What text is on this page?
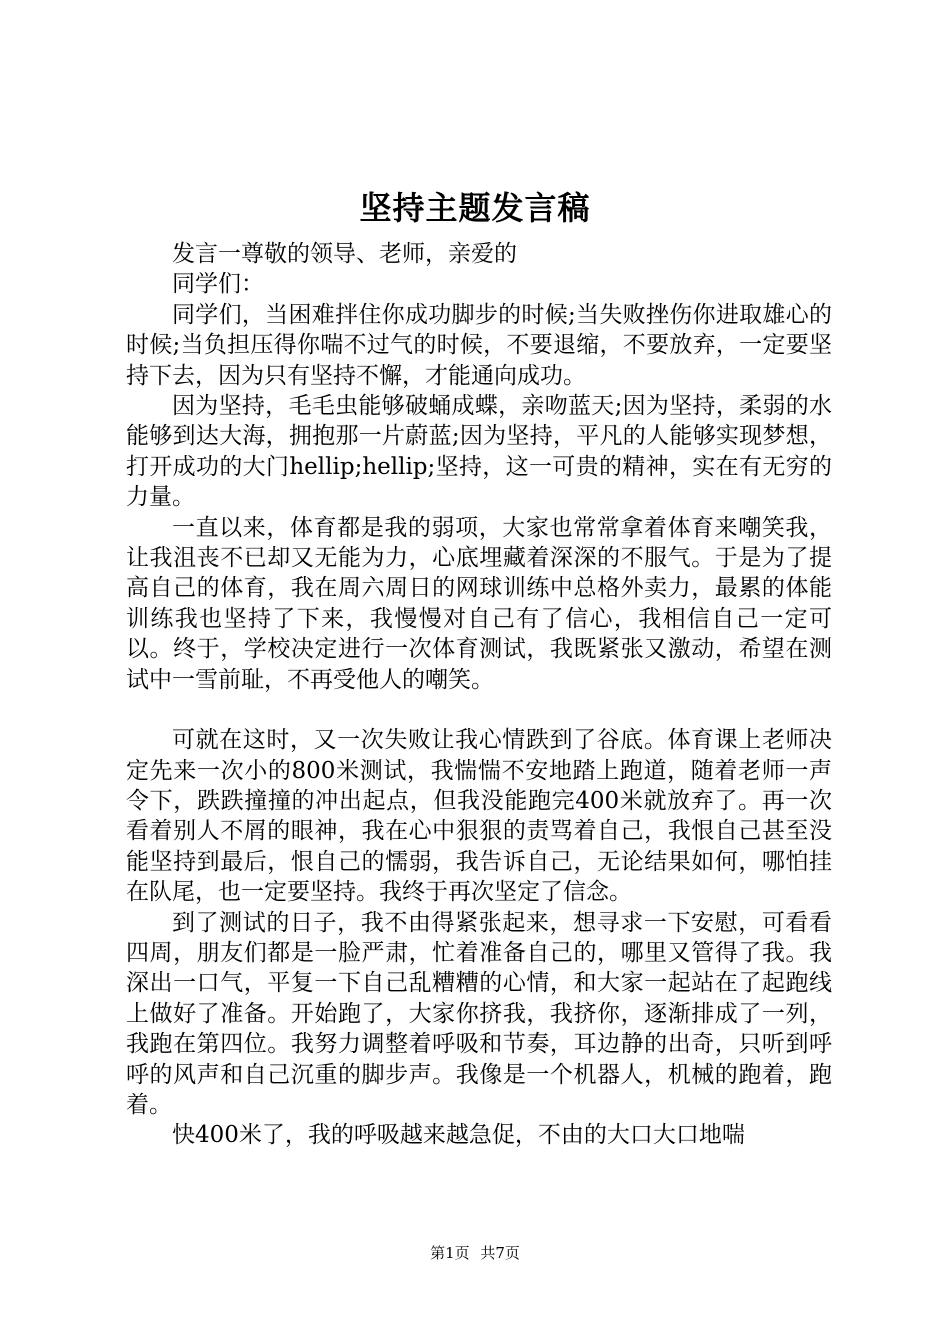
坚持主题发言稿

发言一尊敬的领导、老师，亲爱的

同学们：

同学们，当困难拌住你成功脚步的时候;当失败挫伤你进取雄心的时候;当负担压得你喘不过气的时候，不要退缩，不要放弃，一定要坚持下去，因为只有坚持不懈，才能通向成功。

因为坚持，毛毛虫能够破蛹成蝶，亲吻蓝天;因为坚持，柔弱的水能够到达大海，拥抱那一片蔚蓝;因为坚持，平凡的人能够实现梦想，打开成功的大门hellip;hellip;坚持，这一可贵的精神，实在有无穷的力量。

一直以来，体育都是我的弱项，大家也常常拿着体育来嘲笑我，让我沮丧不已却又无能为力，心底埋藏着深深的不服气。于是为了提高自己的体育，我在周六周日的网球训练中总格外卖力，最累的体能训练我也坚持了下来，我慢慢对自己有了信心，我相信自己一定可以。终于，学校决定进行一次体育测试，我既紧张又激动，希望在测试中一雪前耻，不再受他人的嘲笑。

可就在这时，又一次失败让我心情跌到了谷底。体育课上老师决定先来一次小的800米测试，我惴惴不安地踏上跑道，随着老师一声令下，跌跌撞撞的冲出起点，但我没能跑完400米就放弃了。再一次看着别人不屑的眼神，我在心中狠狠的责骂着自己，我恨自己甚至没能坚持到最后，恨自己的懦弱，我告诉自己，无论结果如何，哪怕挂在队尾，也一定要坚持。我终于再次坚定了信念。

到了测试的日子，我不由得紧张起来，想寻求一下安慰，可看看四周，朋友们都是一脸严肃，忙着准备自己的，哪里又管得了我。我深出一口气，平复一下自己乱糟糟的心情，和大家一起站在了起跑线上做好了准备。开始跑了，大家你挤我，我挤你，逐渐排成了一列，我跑在第四位。我努力调整着呼吸和节奏，耳边静的出奇，只听到呼呼的风声和自己沉重的脚步声。我像是一个机器人，机械的跑着，跑着。

快400米了，我的呼吸越来越急促，不由的大口大口地喘

第1页 共7页
